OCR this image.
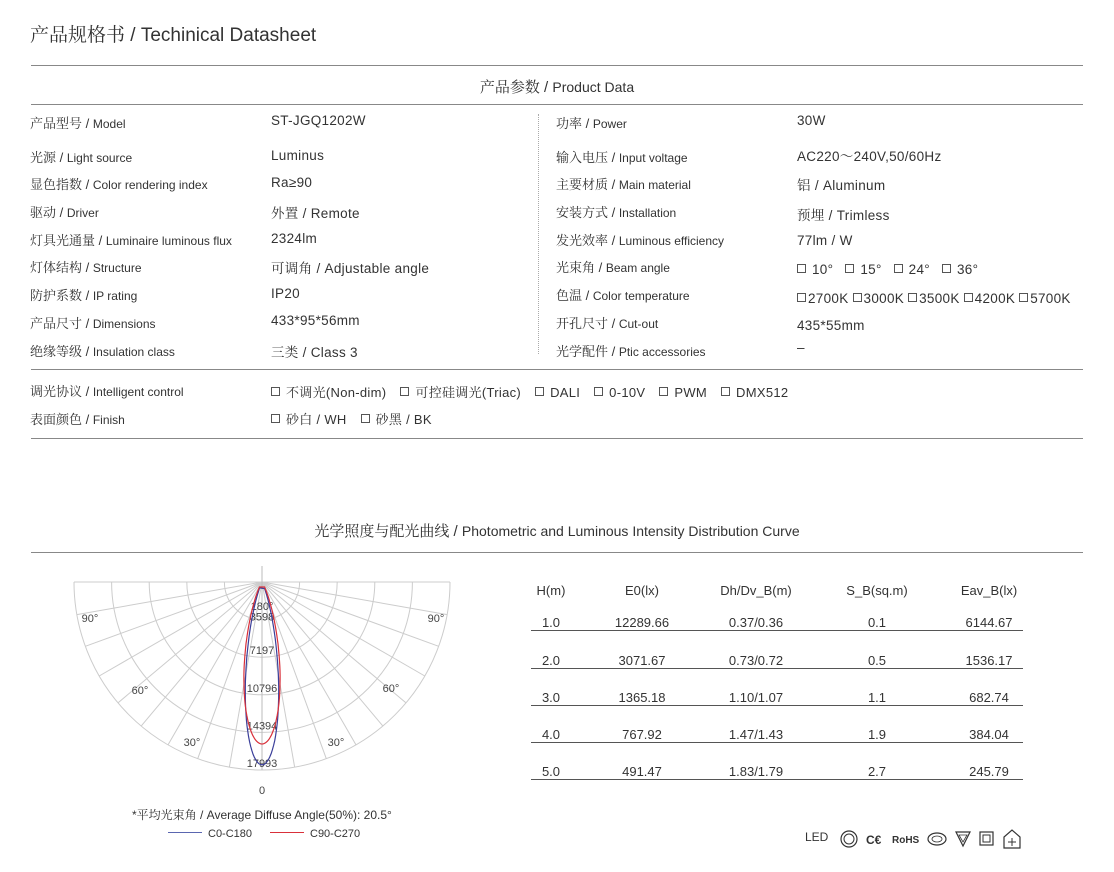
产品规格书 / Techinical Datasheet
产品参数 / Product Data
产品型号 / Model	ST-JGQ1202W
光源 / Light source	Luminus
显色指数 / Color rendering index	Ra≥90
驱动 / Driver	外置 / Remote
灯具光通量 / Luminaire luminous flux	2324lm
灯体结构 / Structure	可调角 / Adjustable angle
防护系数 / IP rating	IP20
产品尺寸 / Dimensions	433*95*56mm
绝缘等级 / Insulation class	三类 / Class 3
功率 / Power	30W
输入电压 / Input voltage	AC220～240V,50/60Hz
主要材质 / Main material	铝 / Aluminum
安装方式 / Installation	预埋 / Trimless
发光效率 / Luminous efficiency	77lm / W
光束角 / Beam angle	10° 15° 24° 36°
色温 / Color temperature	2700K 3000K 3500K 4200K 5700K
开孔尺寸 / Cut-out	435*55mm
光学配件 / Ptic accessories	–
调光协议 / Intelligent control	不调光(Non-dim) 可控硅调光(Triac) DALI 0-10V PWM DMX512
表面颜色 / Finish	砂白 / WH 砂黑 / BK
光学照度与配光曲线 / Photometric and Luminous Intensity Distribution Curve
3598
7197
10796
14394
17993
180°
90°	90°
60°	60°
30°	30°
0
*平均光束角 / Average Diffuse Angle(50%): 20.5°
C0-C180	C90-C270
H(m)	E0(lx)	Dh/Dv_B(m)	S_B(sq.m)	Eav_B(lx)
1.0	12289.66	0.37/0.36	0.1	6144.67
2.0	3071.67	0.73/0.72	0.5	1536.17
3.0	1365.18	1.10/1.07	1.1	682.74
4.0	767.92	1.47/1.43	1.9	384.04
5.0	491.47	1.83/1.79	2.7	245.79
LED	C€ RoHS
